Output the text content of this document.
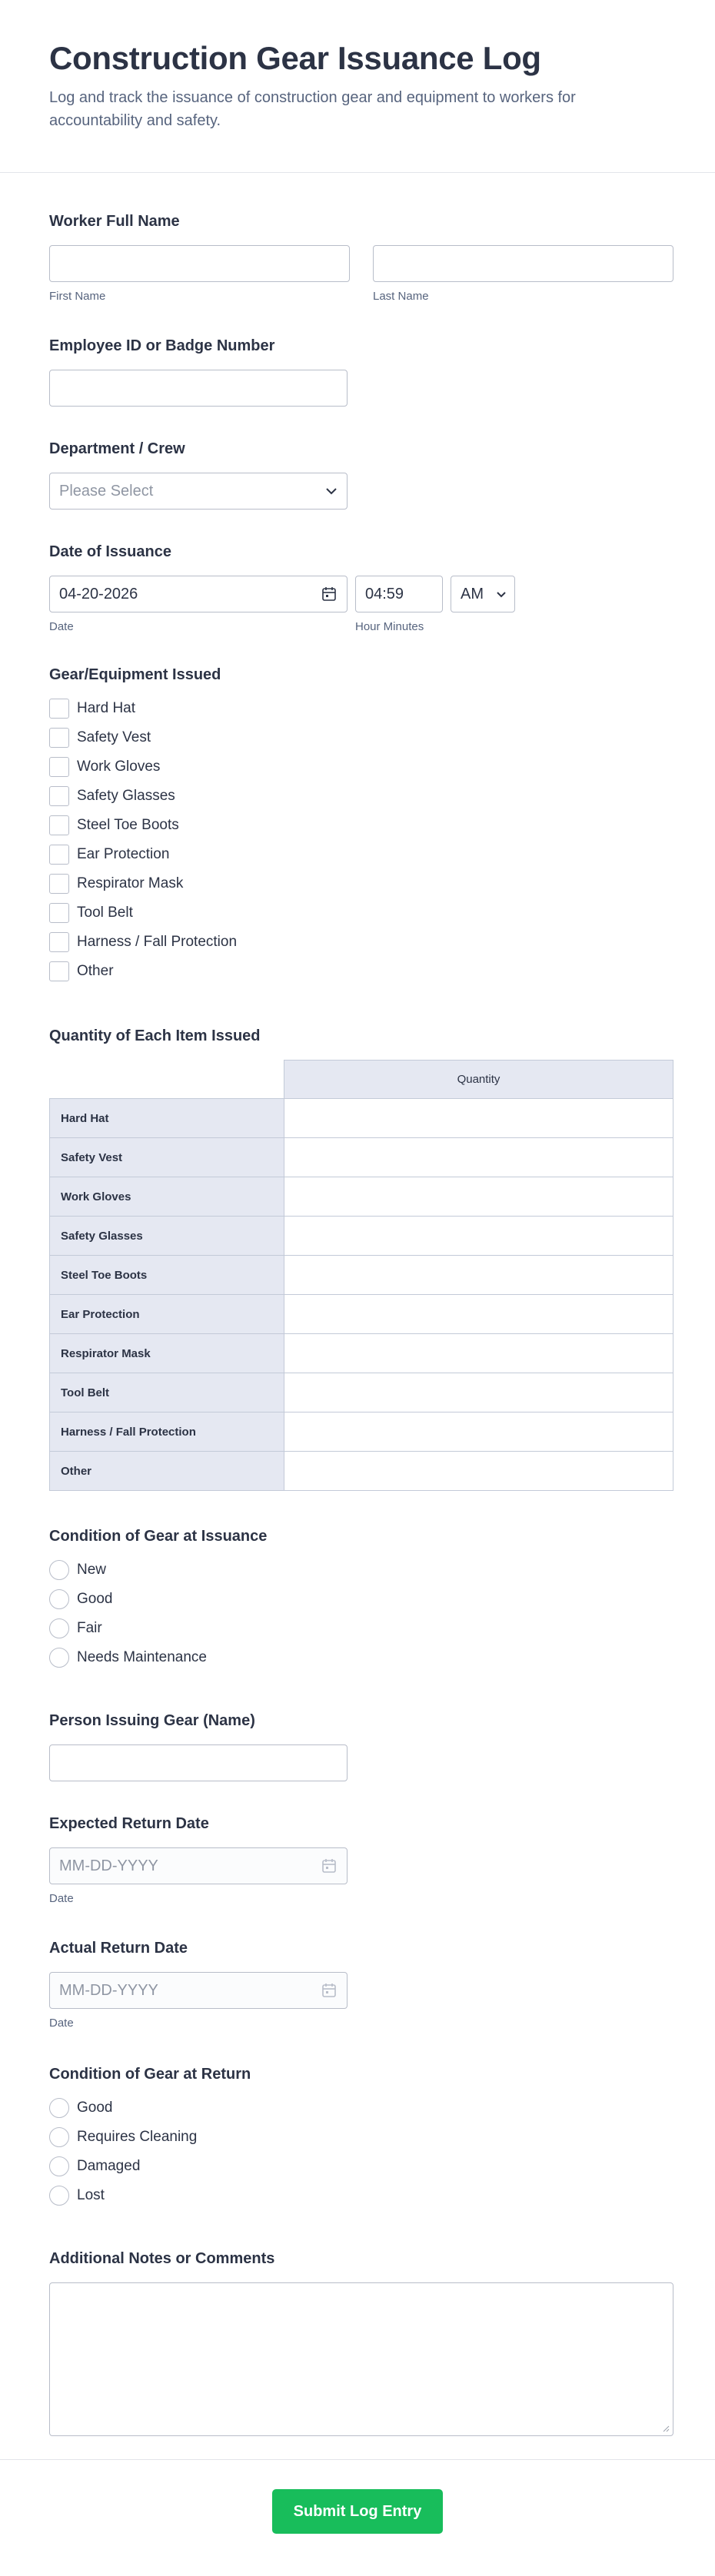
Construction Gear Issuance Log

Log and track the issuance of construction gear and equipment to workers for accountability and safety.

Worker Full Name
First Name	Last Name
Employee ID or Badge Number
Department / Crew
Please Select
Date of Issuance
04-20-2026
Date
04:59
Hour Minutes
AM
Gear/Equipment Issued
Hard Hat
Safety Vest
Work Gloves
Safety Glasses
Steel Toe Boots
Ear Protection
Respirator Mask
Tool Belt
Harness / Fall Protection
Other
Quantity of Each Item Issued
	Quantity
Hard Hat	
Safety Vest	
Work Gloves	
Safety Glasses	
Steel Toe Boots	
Ear Protection	
Respirator Mask	
Tool Belt	
Harness / Fall Protection	
Other	
Condition of Gear at Issuance
New
Good
Fair
Needs Maintenance
Person Issuing Gear (Name)
Expected Return Date
MM-DD-YYYY
Date
Actual Return Date
MM-DD-YYYY
Date
Condition of Gear at Return
Good
Requires Cleaning
Damaged
Lost
Additional Notes or Comments
Submit Log Entry
